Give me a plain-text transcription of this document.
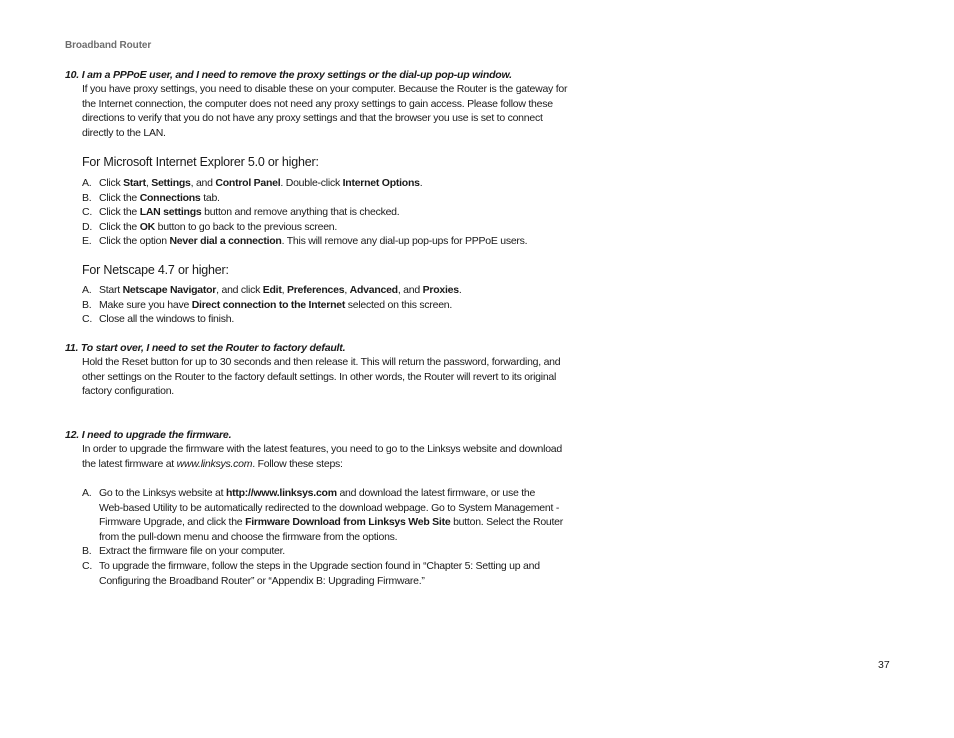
Broadband Router
10. I am a PPPoE user, and I need to remove the proxy settings or the dial-up pop-up window.
If you have proxy settings, you need to disable these on your computer. Because the Router is the gateway for
the Internet connection, the computer does not need any proxy settings to gain access. Please follow these
directions to verify that you do not have any proxy settings and that the browser you use is set to connect
directly to the LAN.
For Microsoft Internet Explorer 5.0 or higher:
A. Click Start, Settings, and Control Panel. Double-click Internet Options.
B. Click the Connections tab.
C. Click the LAN settings button and remove anything that is checked.
D. Click the OK button to go back to the previous screen.
E. Click the option Never dial a connection. This will remove any dial-up pop-ups for PPPoE users.
For Netscape 4.7 or higher:
A. Start Netscape Navigator, and click Edit, Preferences, Advanced, and Proxies.
B. Make sure you have Direct connection to the Internet selected on this screen.
C. Close all the windows to finish.
11. To start over, I need to set the Router to factory default.
Hold the Reset button for up to 30 seconds and then release it. This will return the password, forwarding, and
other settings on the Router to the factory default settings. In other words, the Router will revert to its original
factory configuration.
12. I need to upgrade the firmware.
In order to upgrade the firmware with the latest features, you need to go to the Linksys website and download
the latest firmware at www.linksys.com. Follow these steps:
A. Go to the Linksys website at http://www.linksys.com and download the latest firmware, or use the
Web-based Utility to be automatically redirected to the download webpage. Go to System Management -
Firmware Upgrade, and click the Firmware Download from Linksys Web Site button. Select the Router
from the pull-down menu and choose the firmware from the options.
B. Extract the firmware file on your computer.
C. To upgrade the firmware, follow the steps in the Upgrade section found in “Chapter 5: Setting up and
Configuring the Broadband Router” or “Appendix B: Upgrading Firmware.”
37
